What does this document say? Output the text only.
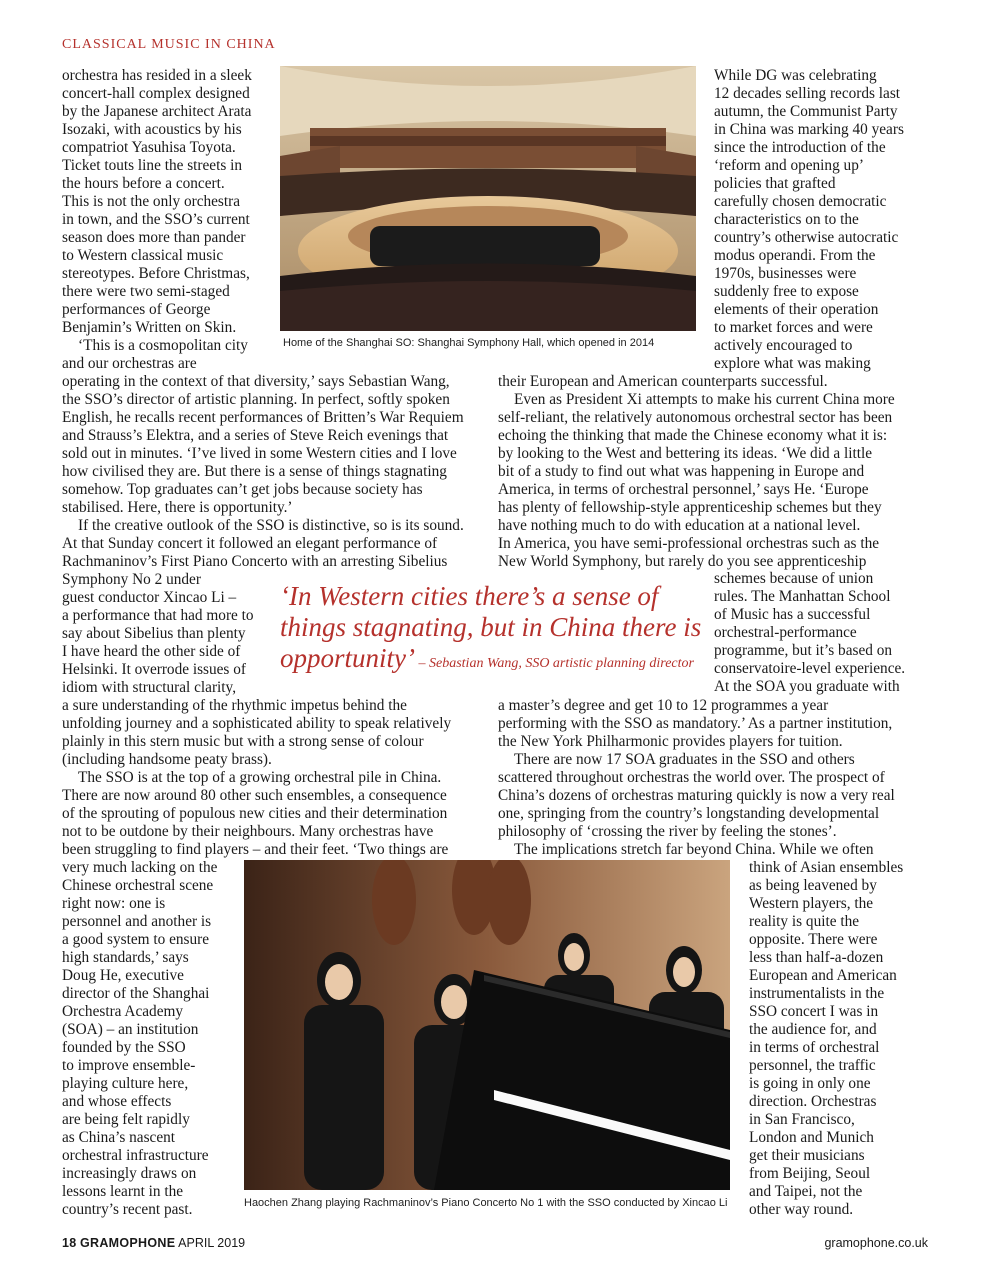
CLASSICAL MUSIC IN CHINA
orchestra has resided in a sleek
concert-hall complex designed
by the Japanese architect Arata
Isozaki, with acoustics by his
compatriot Yasuhisa Toyota.
Ticket touts line the streets in
the hours before a concert.
This is not the only orchestra
in town, and the SSO’s current
season does more than pander
to Western classical music
stereotypes. Before Christmas,
there were two semi-staged
performances of George
Benjamin’s Written on Skin.
‘This is a cosmopolitan city
and our orchestras are
Home of the Shanghai SO: Shanghai Symphony Hall, which opened in 2014
While DG was celebrating
12 decades selling records last
autumn, the Communist Party
in China was marking 40 years
since the introduction of the
‘reform and opening up’
policies that grafted
carefully chosen democratic
characteristics on to the
country’s otherwise autocratic
modus operandi. From the
1970s, businesses were
suddenly free to expose
elements of their operation
to market forces and were
actively encouraged to
explore what was making
operating in the context of that diversity,’ says Sebastian Wang,
the SSO’s director of artistic planning. In perfect, softly spoken
English, he recalls recent performances of Britten’s War Requiem
and Strauss’s Elektra, and a series of Steve Reich evenings that
sold out in minutes. ‘I’ve lived in some Western cities and I love
how civilised they are. But there is a sense of things stagnating
somehow. Top graduates can’t get jobs because society has
stabilised. Here, there is opportunity.’
If the creative outlook of the SSO is distinctive, so is its sound.
At that Sunday concert it followed an elegant performance of
Rachmaninov’s First Piano Concerto with an arresting Sibelius
Symphony No 2 under
guest conductor Xincao Li –
a performance that had more to
say about Sibelius than plenty
I have heard the other side of
Helsinki. It overrode issues of
idiom with structural clarity,
a sure understanding of the rhythmic impetus behind the
unfolding journey and a sophisticated ability to speak relatively
plainly in this stern music but with a strong sense of colour
(including handsome peaty brass).
The SSO is at the top of a growing orchestral pile in China.
There are now around 80 other such ensembles, a consequence
of the sprouting of populous new cities and their determination
not to be outdone by their neighbours. Many orchestras have
been struggling to find players – and their feet. ‘Two things are
very much lacking on the
Chinese orchestral scene
right now: one is
personnel and another is
a good system to ensure
high standards,’ says
Doug He, executive
director of the Shanghai
Orchestra Academy
(SOA) – an institution
founded by the SSO
to improve ensemble-
playing culture here,
and whose effects
are being felt rapidly
as China’s nascent
orchestral infrastructure
increasingly draws on
lessons learnt in the
country’s recent past.
their European and American counterparts successful.
Even as President Xi attempts to make his current China more
self-reliant, the relatively autonomous orchestral sector has been
echoing the thinking that made the Chinese economy what it is:
by looking to the West and bettering its ideas. ‘We did a little
bit of a study to find out what was happening in Europe and
America, in terms of orchestral personnel,’ says He. ‘Europe
has plenty of fellowship-style apprenticeship schemes but they
have nothing much to do with education at a national level.
In America, you have semi-professional orchestras such as the
New World Symphony, but rarely do you see apprenticeship
schemes because of union
rules. The Manhattan School
of Music has a successful
orchestral-performance
programme, but it’s based on
conservatoire-level experience.
At the SOA you graduate with
‘In Western cities there’s a sense of
things stagnating, but in China there is
opportunity’ – Sebastian Wang, SSO artistic planning director
a master’s degree and get 10 to 12 programmes a year
performing with the SSO as mandatory.’ As a partner institution,
the New York Philharmonic provides players for tuition.
There are now 17 SOA graduates in the SSO and others
scattered throughout orchestras the world over. The prospect of
China’s dozens of orchestras maturing quickly is now a very real
one, springing from the country’s longstanding developmental
philosophy of ‘crossing the river by feeling the stones’.
The implications stretch far beyond China. While we often
Haochen Zhang playing Rachmaninov’s Piano Concerto No 1 with the SSO conducted by Xincao Li
think of Asian ensembles
as being leavened by
Western players, the
reality is quite the
opposite. There were
less than half-a-dozen
European and American
instrumentalists in the
SSO concert I was in
the audience for, and
in terms of orchestral
personnel, the traffic
is going in only one
direction. Orchestras
in San Francisco,
London and Munich
get their musicians
from Beijing, Seoul
and Taipei, not the
other way round.
18 GRAMOPHONE APRIL 2019	gramophone.co.uk
